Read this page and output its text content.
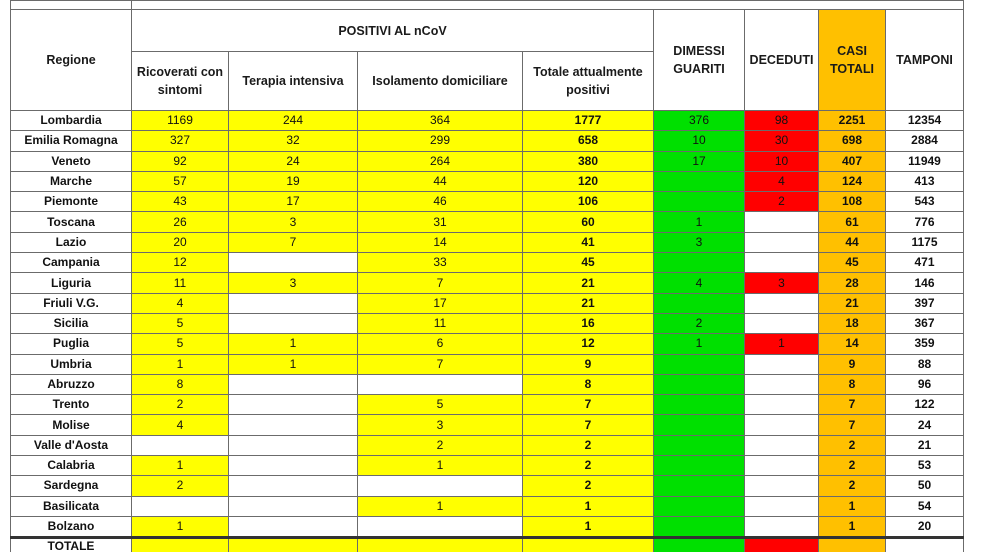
Regione	POSITIVI AL nCoV				DIMESSI GUARITI	DECEDUTI	CASI TOTALI	TAMPONI
	Ricoverati con sintomi	Terapia intensiva	Isolamento domiciliare	Totale attualmente positivi				
Lombardia	1169	244	364	1777	376	98	2251	12354
Emilia Romagna	327	32	299	658	10	30	698	2884
Veneto	92	24	264	380	17	10	407	11949
Marche	57	19	44	120		4	124	413
Piemonte	43	17	46	106		2	108	543
Toscana	26	3	31	60	1		61	776
Lazio	20	7	14	41	3		44	1175
Campania	12		33	45			45	471
Liguria	11	3	7	21	4	3	28	146
Friuli V.G.	4		17	21			21	397
Sicilia	5		11	16	2		18	367
Puglia	5	1	6	12	1	1	14	359
Umbria	1	1	7	9			9	88
Abruzzo	8			8			8	96
Trento	2		5	7			7	122
Molise	4		3	7			7	24
Valle d'Aosta			2	2			2	21
Calabria	1		1	2			2	53
Sardegna	2			2			2	50
Basilicata			1	1			1	54
Bolzano	1			1			1	20
TOTALE								
